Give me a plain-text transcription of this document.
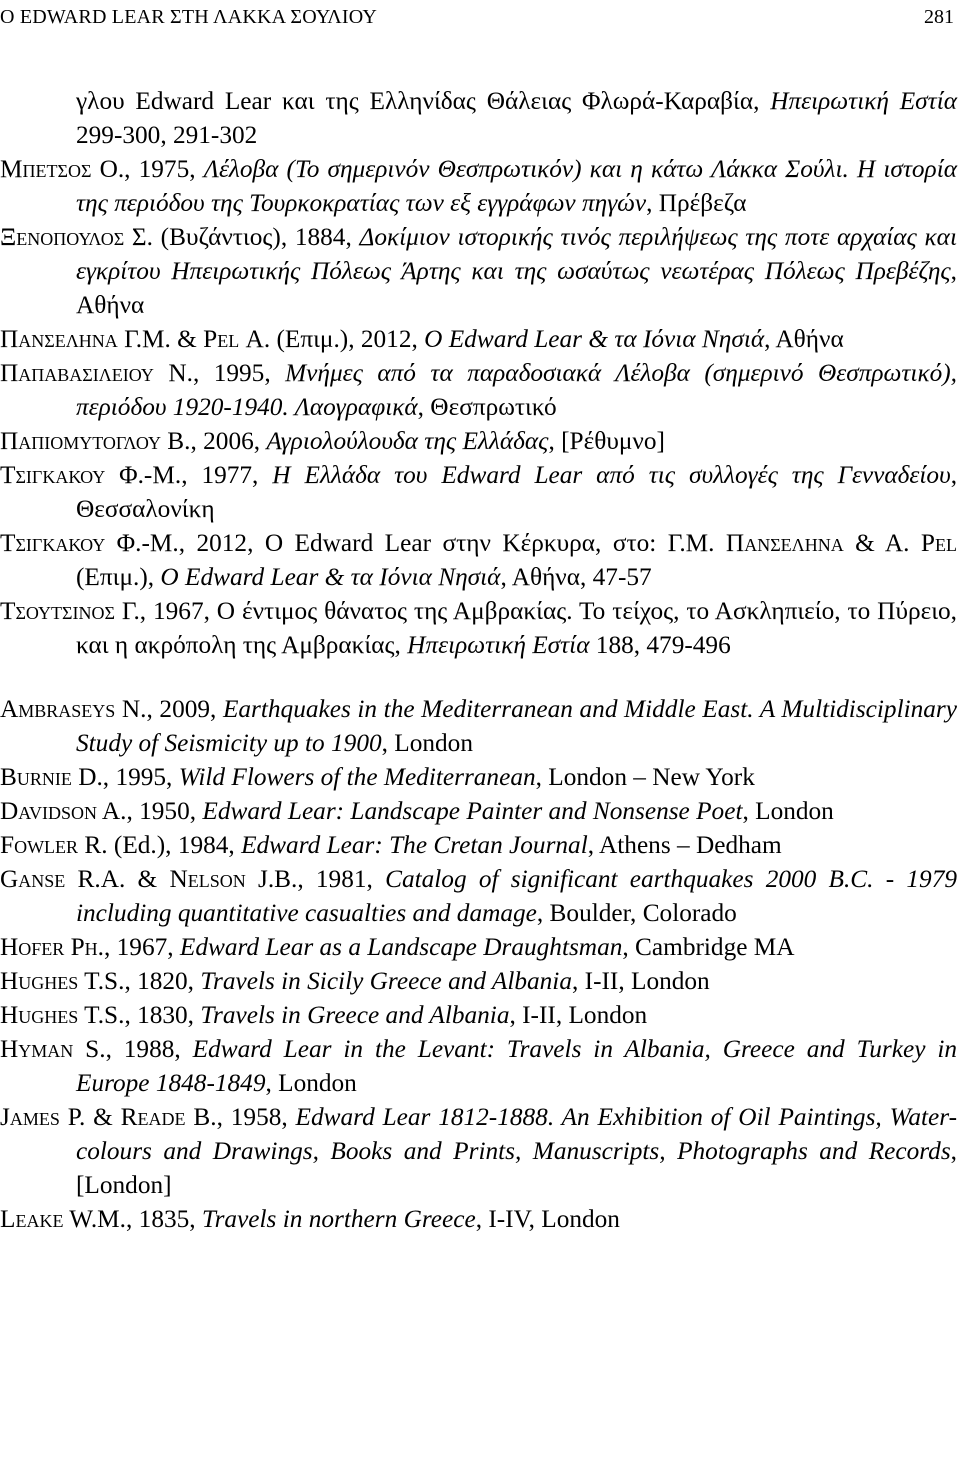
O EDWARD LEAR ΣΤΗ ΛΑΚΚΑ ΣΟΥΛΙΟΥ	281

γλου Edward Lear και της Ελληνίδας Θάλειας Φλωρά-Καραβία, Ηπειρωτική Εστία 299-300, 291-302

Μπετσος Ο., 1975, Λέλοβα (Το σημερινόν Θεσπρωτικόν) και η κάτω Λάκκα Σούλι. Η ιστορία της περιόδου της Τουρκοκρατίας των εξ εγγράφων πηγών, Πρέβεζα

Ξενοπουλος Σ. (Βυζάντιος), 1884, Δοκίμιον ιστορικής τινός περιλήψεως της ποτε αρχαίας και εγκρίτου Ηπειρωτικής Πόλεως Άρτης και της ωσαύτως νεωτέρας Πόλεως Πρεβέζης, Αθήνα

Πανσεληνα Γ.Μ. & Pel Α. (Επιμ.), 2012, Ο Edward Lear & τα Ιόνια Νησιά, Αθήνα

Παπαβασιλειου Ν., 1995, Μνήμες από τα παραδοσιακά Λέλοβα (σημερινό Θεσπρωτικό), περιόδου 1920-1940. Λαογραφικά, Θεσπρωτικό

Παπιομυτογλου Β., 2006, Αγριολούλουδα της Ελλάδας, [Ρέθυμνο]

Τσιγκακου Φ.-Μ., 1977, Η Ελλάδα του Edward Lear από τις συλλογές της Γενναδείου, Θεσσαλονίκη

Τσιγκακου Φ.-Μ., 2012, Ο Edward Lear στην Κέρκυρα, στο: Γ.Μ. Πανσεληνα & Α. Pel (Επιμ.), Ο Edward Lear & τα Ιόνια Νησιά, Αθήνα, 47-57

Τσουτσινος Γ., 1967, Ο έντιμος θάνατος της Αμβρακίας. Το τείχος, το Ασκληπιείο, το Πύρειο, και η ακρόπολη της Αμβρακίας, Ηπειρωτική Εστία 188, 479-496

Ambraseys N., 2009, Earthquakes in the Mediterranean and Middle East. A Multidisciplinary Study of Seismicity up to 1900, London

Burnie D., 1995, Wild Flowers of the Mediterranean, London – New York

Davidson A., 1950, Edward Lear: Landscape Painter and Nonsense Poet, London

Fowler R. (Ed.), 1984, Edward Lear: The Cretan Journal, Athens – Dedham

Ganse R.A. & Nelson J.B., 1981, Catalog of significant earthquakes 2000 B.C. - 1979 including quantitative casualties and damage, Boulder, Colorado

Hofer Ph., 1967, Edward Lear as a Landscape Draughtsman, Cambridge MA

Hughes T.S., 1820, Travels in Sicily Greece and Albania, I-II, London

Hughes T.S., 1830, Travels in Greece and Albania, I-II, London

Hyman S., 1988, Edward Lear in the Levant: Travels in Albania, Greece and Turkey in Europe 1848-1849, London

James P. & Reade B., 1958, Edward Lear 1812-1888. An Exhibition of Oil Paintings, Water-colours and Drawings, Books and Prints, Manuscripts, Photographs and Records, [London]

Leake W.M., 1835, Travels in northern Greece, I-IV, London
